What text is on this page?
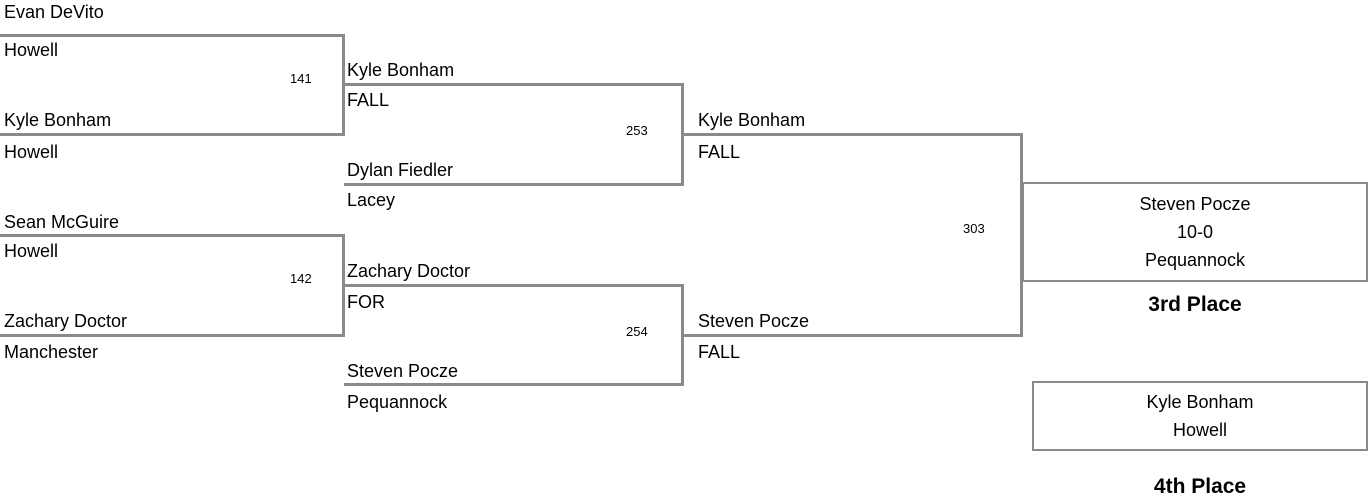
Evan DeVito
Howell
141
Kyle Bonham
Howell
Sean McGuire
Howell
142
Zachary Doctor
Manchester
Kyle Bonham
FALL
253
Dylan Fiedler
Lacey
Zachary Doctor
FOR
254
Steven Pocze
Pequannock
Kyle Bonham
FALL
303
Steven Pocze
FALL
Steven Pocze
10-0
Pequannock
3rd Place
Kyle Bonham
Howell
4th Place
